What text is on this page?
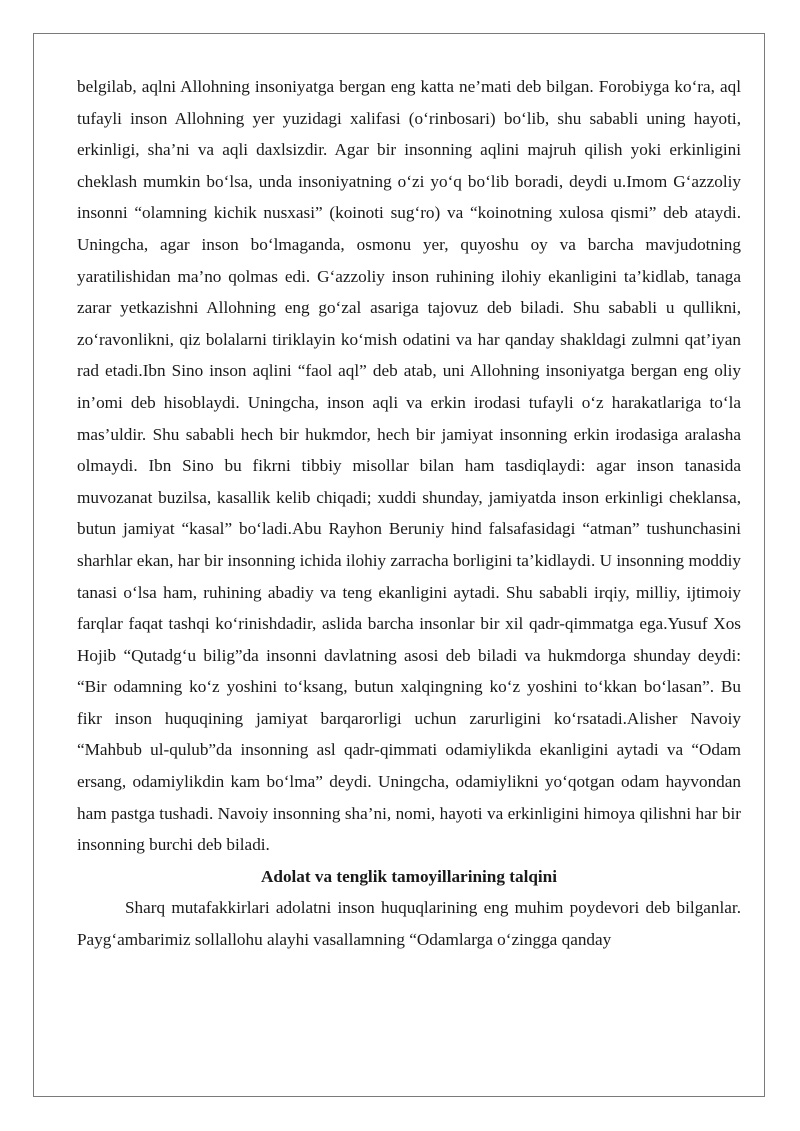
belgilab, aqlni Allohning insoniyatga bergan eng katta ne’mati deb bilgan. Forobiyga ko‘ra, aql tufayli inson Allohning yer yuzidagi xalifasi (o‘rinbosari) bo‘lib, shu sababli uning hayoti, erkinligi, sha’ni va aqli daxlsizdir. Agar bir insonning aqlini majruh qilish yoki erkinligini cheklash mumkin bo‘lsa, unda insoniyatning o‘zi yo‘q bo‘lib boradi, deydi u.Imom G‘azzoliy insonni “olamning kichik nusxasi” (koinoti sug‘ro) va “koinotning xulosa qismi” deb ataydi. Uningcha, agar inson bo‘lmaganda, osmonu yer, quyoshu oy va barcha mavjudotning yaratilishidan ma’no qolmas edi. G‘azzoliy inson ruhining ilohiy ekanligini ta’kidlab, tanaga zarar yetkazishni Allohning eng go‘zal asariga tajovuz deb biladi. Shu sababli u qullikni, zo‘ravonlikni, qiz bolalarni tiriklayin ko‘mish odatini va har qanday shakldagi zulmni qat’iyan rad etadi.Ibn Sino inson aqlini “faol aql” deb atab, uni Allohning insoniyatga bergan eng oliy in’omi deb hisoblaydi. Uningcha, inson aqli va erkin irodasi tufayli o‘z harakatlariga to‘la mas’uldir. Shu sababli hech bir hukmdor, hech bir jamiyat insonning erkin irodasiga aralasha olmaydi. Ibn Sino bu fikrni tibbiy misollar bilan ham tasdiqlaydi: agar inson tanasida muvozanat buzilsa, kasallik kelib chiqadi; xuddi shunday, jamiyatda inson erkinligi cheklansa, butun jamiyat “kasal” bo‘ladi.Abu Rayhon Beruniy hind falsafasidagi “atman” tushunchasini sharhlar ekan, har bir insonning ichida ilohiy zarracha borligini ta’kidlaydi. U insonning moddiy tanasi o‘lsa ham, ruhining abadiy va teng ekanligini aytadi. Shu sababli irqiy, milliy, ijtimoiy farqlar faqat tashqi ko‘rinishdadir, aslida barcha insonlar bir xil qadr-qimmatga ega.Yusuf Xos Hojib “Qutadg‘u bilig”da insonni davlatning asosi deb biladi va hukmdorga shunday deydi: “Bir odamning ko‘z yoshini to‘ksang, butun xalqingning ko‘z yoshini to‘kkan bo‘lasan”. Bu fikr inson huquqining jamiyat barqarorligi uchun zarurligini ko‘rsatadi.Alisher Navoiy “Mahbub ul-qulub”da insonning asl qadr-qimmati odamiylikda ekanligini aytadi va “Odam ersang, odamiylikdin kam bo‘lma” deydi. Uningcha, odamiylikni yo‘qotgan odam hayvondan ham pastga tushadi. Navoiy insonning sha’ni, nomi, hayoti va erkinligini himoya qilishni har bir insonning burchi deb biladi.

Adolat va tenglik tamoyillarining talqini

Sharq mutafakkirlari adolatni inson huquqlarining eng muhim poydevori deb bilganlar. Payg‘ambarimiz sollallohu alayhi vasallamning “Odamlarga o‘zingga qanday
